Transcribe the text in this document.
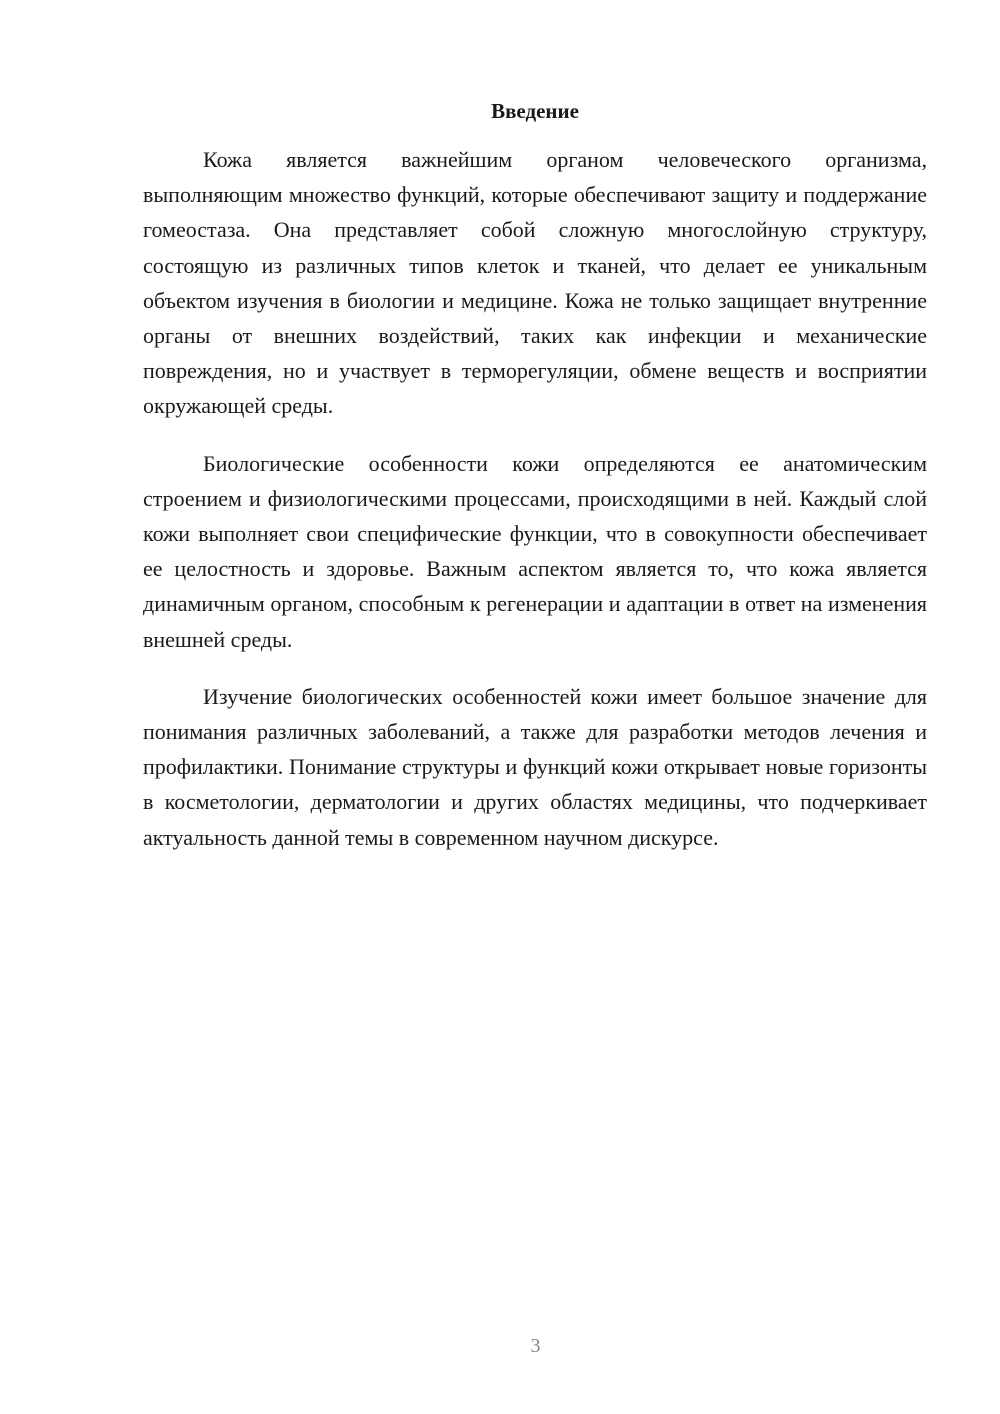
Введение

Кожа является важнейшим органом человеческого организма, выполняющим множество функций, которые обеспечивают защиту и поддержание гомеостаза. Она представляет собой сложную многослойную структуру, состоящую из различных типов клеток и тканей, что делает ее уникальным объектом изучения в биологии и медицине. Кожа не только защищает внутренние органы от внешних воздействий, таких как инфекции и механические повреждения, но и участвует в терморегуляции, обмене веществ и восприятии окружающей среды.

Биологические особенности кожи определяются ее анатомическим строением и физиологическими процессами, происходящими в ней. Каждый слой кожи выполняет свои специфические функции, что в совокупности обеспечивает ее целостность и здоровье. Важным аспектом является то, что кожа является динамичным органом, способным к регенерации и адаптации в ответ на изменения внешней среды.

Изучение биологических особенностей кожи имеет большое значение для понимания различных заболеваний, а также для разработки методов лечения и профилактики. Понимание структуры и функций кожи открывает новые горизонты в косметологии, дерматологии и других областях медицины, что подчеркивает актуальность данной темы в современном научном дискурсе.

3
